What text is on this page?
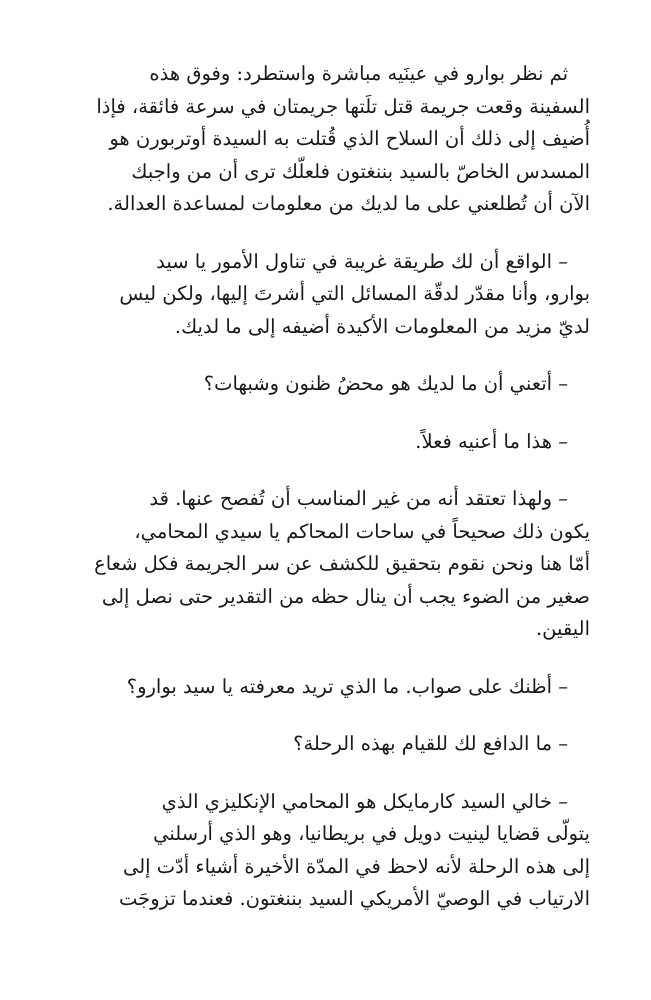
ثم نظر بوارو في عينَيه مباشرة واستطرد: وفوق هذه
السفينة وقعت جريمة قتل تلَتها جريمتان في سرعة فائقة، فإذا
أُضيف إلى ذلك أن السلاح الذي قُتلت به السيدة أوتربورن هو
المسدس الخاصّ بالسيد بننغتون فلعلّك ترى أن من واجبك
الآن أن تُطلعني على ما لديك من معلومات لمساعدة العدالة.

– الواقع أن لك طريقة غريبة في تناول الأمور يا سيد
بوارو، وأنا مقدّر لدقّة المسائل التي أشرتَ إليها، ولكن ليس
لديّ مزيد من المعلومات الأكيدة أضيفه إلى ما لديك.

– أتعني أن ما لديك هو محضُ ظنون وشبهات؟

– هذا ما أعنيه فعلاً.

– ولهذا تعتقد أنه من غير المناسب أن تُفصح عنها. قد
يكون ذلك صحيحاً في ساحات المحاكم يا سيدي المحامي،
أمّا هنا ونحن نقوم بتحقيق للكشف عن سر الجريمة فكل شعاع
صغير من الضوء يجب أن ينال حظه من التقدير حتى نصل إلى
اليقين.

– أظنك على صواب. ما الذي تريد معرفته يا سيد بوارو؟

– ما الدافع لك للقيام بهذه الرحلة؟

– خالي السيد كارمايكل هو المحامي الإنكليزي الذي
يتولّى قضايا لينيت دويل في بريطانيا، وهو الذي أرسلني
إلى هذه الرحلة لأنه لاحظ في المدّة الأخيرة أشياء أدّت إلى
الارتياب في الوصيّ الأمريكي السيد بننغتون. فعندما تزوجَت
